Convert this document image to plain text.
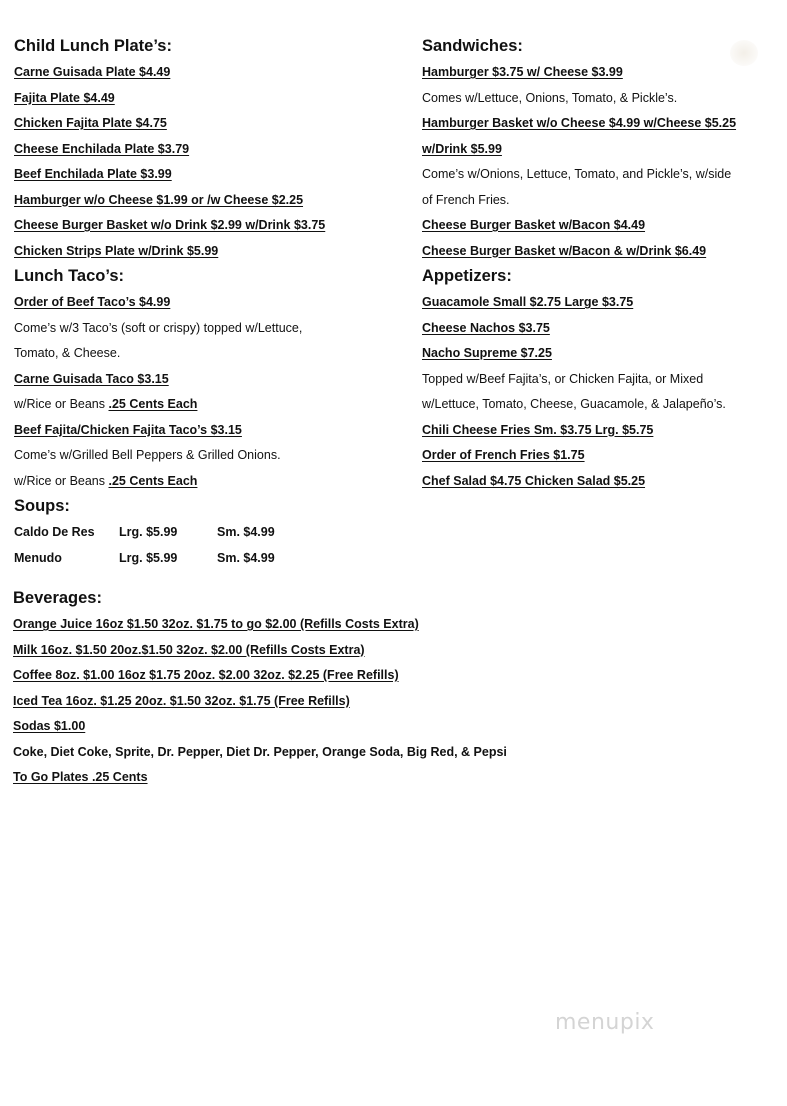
Child Lunch Plate’s:
Carne Guisada Plate $4.49
Fajita Plate $4.49
Chicken Fajita Plate $4.75
Cheese Enchilada Plate $3.79
Beef Enchilada Plate $3.99
Hamburger w/o Cheese $1.99 or /w Cheese $2.25
Cheese Burger Basket w/o Drink $2.99 w/Drink $3.75
Chicken Strips Plate w/Drink $5.99
Lunch Taco’s:
Order of Beef Taco’s $4.99
Come’s w/3 Taco’s (soft or crispy) topped w/Lettuce,
Tomato, & Cheese.
Carne Guisada Taco $3.15
w/Rice or Beans .25 Cents Each
Beef Fajita/Chicken Fajita Taco’s $3.15
Come’s w/Grilled Bell Peppers & Grilled Onions.
w/Rice or Beans .25 Cents Each
Soups:
Caldo De Res Lrg. $5.99	Sm. $4.99
Menudo	Lrg. $5.99	Sm. $4.99
Sandwiches:
Hamburger $3.75 w/ Cheese $3.99
Comes w/Lettuce, Onions, Tomato, & Pickle’s.
Hamburger Basket w/o Cheese $4.99 w/Cheese $5.25
w/Drink $5.99
Come’s w/Onions, Lettuce, Tomato, and Pickle’s, w/side
of French Fries.
Cheese Burger Basket w/Bacon $4.49
Cheese Burger Basket w/Bacon & w/Drink $6.49
Appetizers:
Guacamole Small $2.75 Large $3.75
Cheese Nachos $3.75
Nacho Supreme $7.25
Topped w/Beef Fajita’s, or Chicken Fajita, or Mixed
w/Lettuce, Tomato, Cheese, Guacamole, & Jalapeño’s.
Chili Cheese Fries Sm. $3.75 Lrg. $5.75
Order of French Fries $1.75
Chef Salad $4.75 Chicken Salad $5.25
Beverages:
Orange Juice 16oz $1.50 32oz. $1.75 to go $2.00 (Refills Costs Extra)
Milk 16oz. $1.50 20oz.$1.50 32oz. $2.00 (Refills Costs Extra)
Coffee 8oz. $1.00 16oz $1.75 20oz. $2.00 32oz. $2.25 (Free Refills)
Iced Tea 16oz. $1.25 20oz. $1.50 32oz. $1.75 (Free Refills)
Sodas $1.00
Coke, Diet Coke, Sprite, Dr. Pepper, Diet Dr. Pepper, Orange Soda, Big Red, & Pepsi
To Go Plates .25 Cents
menupix
